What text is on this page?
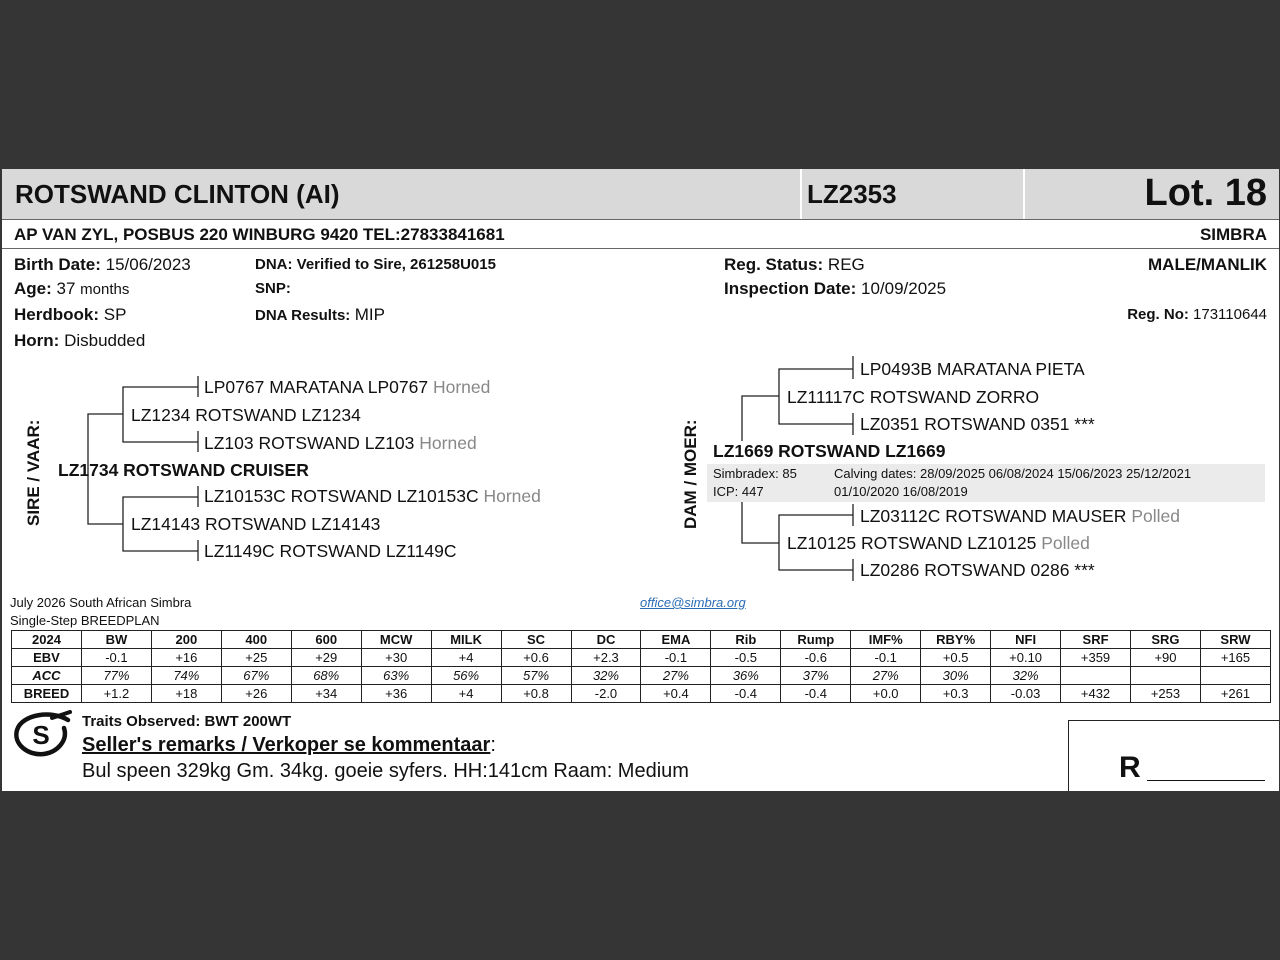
ROTSWAND CLINTON (AI)	LZ2353	Lot. 18
AP VAN ZYL, POSBUS 220 WINBURG 9420 TEL:27833841681	SIMBRA
Birth Date: 15/06/2023
Age: 37 months
Herdbook: SP
Horn: Disbudded
DNA: Verified to Sire, 261258U015
SNP:
DNA Results: MIP
Reg. Status: REG
Inspection Date: 10/09/2025
MALE/MANLIK
Reg. No: 173110644
SIRE / VAAR:
LP0767 MARATANA LP0767 Horned
LZ1234 ROTSWAND LZ1234
LZ103 ROTSWAND LZ103 Horned
LZ1734 ROTSWAND CRUISER
LZ10153C ROTSWAND LZ10153C Horned
LZ14143 ROTSWAND LZ14143
LZ1149C ROTSWAND LZ1149C
DAM / MOER:
LP0493B MARATANA PIETA
LZ11117C ROTSWAND ZORRO
LZ0351 ROTSWAND 0351 ***
LZ1669 ROTSWAND LZ1669
Simbradex: 85
ICP: 447
Calving dates: 28/09/2025 06/08/2024 15/06/2023 25/12/2021
01/10/2020 16/08/2019
LZ03112C ROTSWAND MAUSER Polled
LZ10125 ROTSWAND LZ10125 Polled
LZ0286 ROTSWAND 0286 ***
July 2026 South African Simbra
Single-Step BREEDPLAN
office@simbra.org
2024	BW	200	400	600	MCW	MILK	SC	DC	EMA	Rib	Rump	IMF%	RBY%	NFI	SRF	SRG	SRW
EBV	-0.1	+16	+25	+29	+30	+4	+0.6	+2.3	-0.1	-0.5	-0.6	-0.1	+0.5	+0.10	+359	+90	+165
ACC	77%	74%	67%	68%	63%	56%	57%	32%	27%	36%	37%	27%	30%	32%			
BREED	+1.2	+18	+26	+34	+36	+4	+0.8	-2.0	+0.4	-0.4	-0.4	+0.0	+0.3	-0.03	+432	+253	+261
S Traits Observed: BWT 200WT
Seller's remarks / Verkoper se kommentaar:
Bul speen 329kg Gm. 34kg. goeie syfers. HH:141cm Raam: Medium	R
